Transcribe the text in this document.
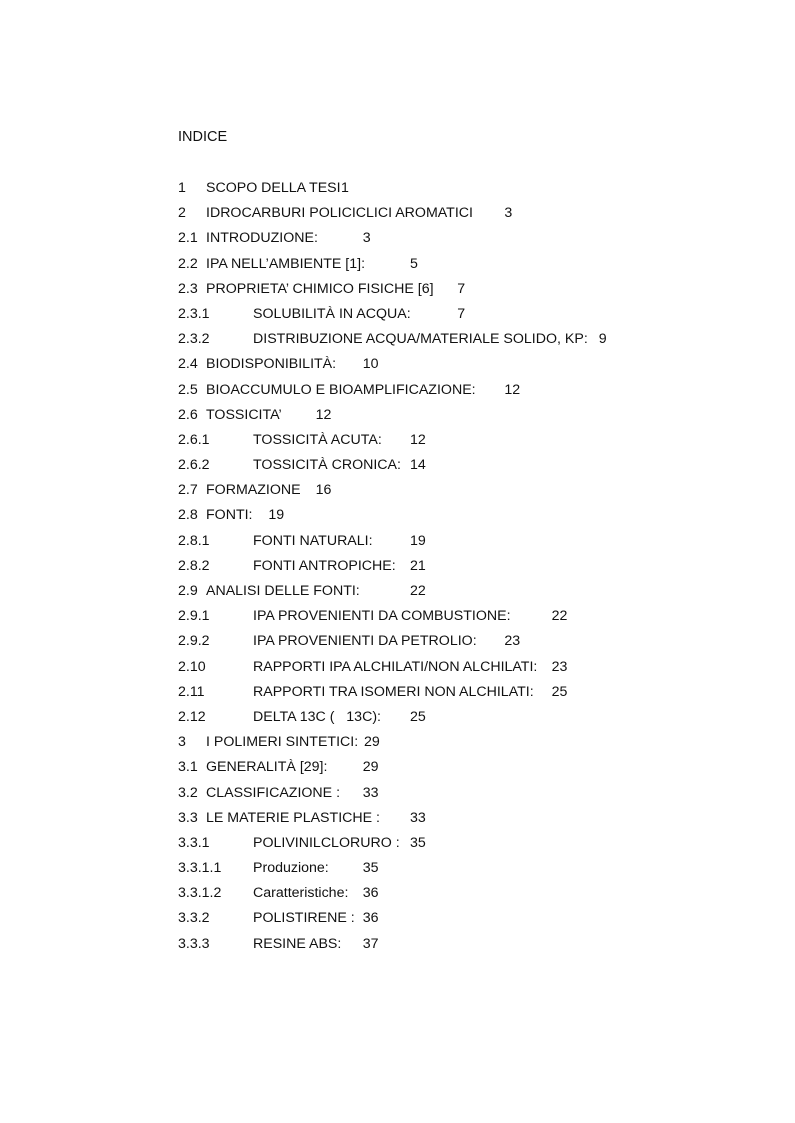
INDICE
1 SCOPO DELLA TESI 1
2 IDROCARBURI POLICICLICI AROMATICI 3
2.1 INTRODUZIONE:	3
2.2 IPA NELL’AMBIENTE [1]:	5
2.3 PROPRIETA’ CHIMICO FISICHE [6] 7
2.3.1	SOLUBILITÀ IN ACQUA:	7
2.3.2	DISTRIBUZIONE ACQUA/MATERIALE SOLIDO, KP: 9
2.4 BIODISPONIBILITÀ: 10
2.5 BIOACCUMULO E BIOAMPLIFICAZIONE: 12
2.6 TOSSICITA’ 12
2.6.1	TOSSICITÀ ACUTA: 12
2.6.2	TOSSICITÀ CRONICA: 14
2.7 FORMAZIONE 16
2.8 FONTI: 19
2.8.1	FONTI NATURALI:	19
2.8.2	FONTI ANTROPICHE: 21
2.9 ANALISI DELLE FONTI:	22
2.9.1	IPA PROVENIENTI DA COMBUSTIONE:	22
2.9.2	IPA PROVENIENTI DA PETROLIO: 23
2.10	RAPPORTI IPA ALCHILATI/NON ALCHILATI: 23
2.11	RAPPORTI TRA ISOMERI NON ALCHILATI: 25
2.12	DELTA 13C (   13C): 25
3 I POLIMERI SINTETICI: 29
3.1 GENERALITÀ [29]: 29
3.2 CLASSIFICAZIONE : 33
3.3 LE MATERIE PLASTICHE : 33
3.3.1	POLIVINILCLORURO : 35
3.3.1.1 Produzione: 35
3.3.1.2 Caratteristiche: 36
3.3.2	POLISTIRENE : 36
3.3.3	RESINE ABS: 37
